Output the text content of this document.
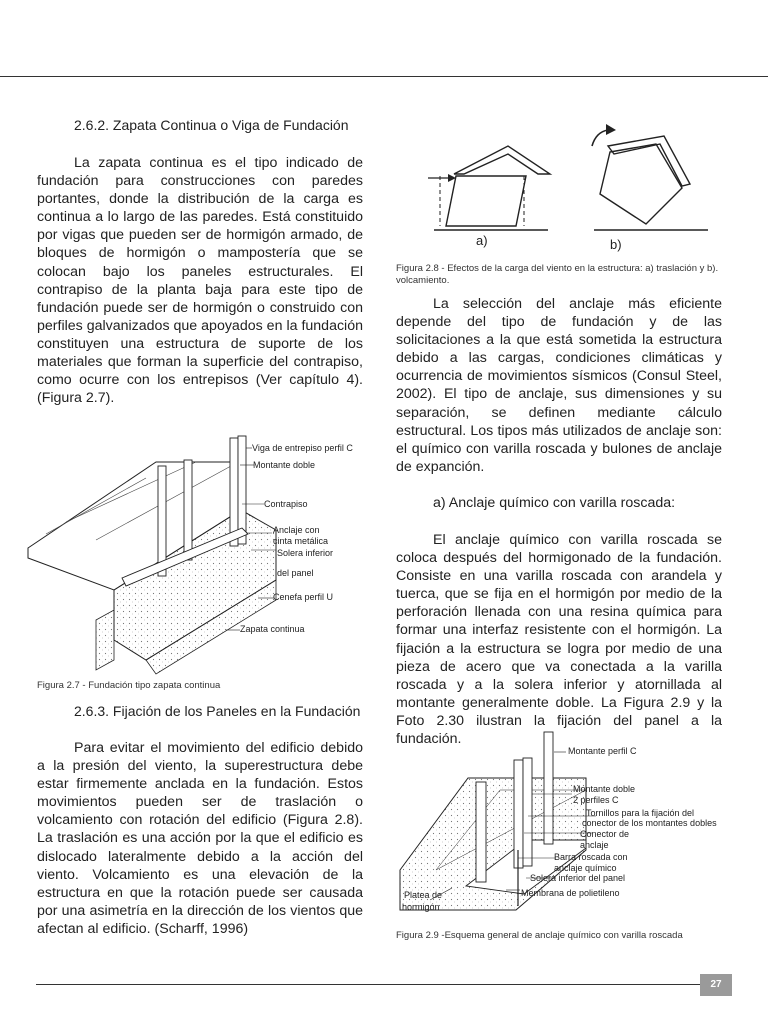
2.6.2. Zapata Continua o Viga de Fundación

La zapata continua es el tipo indicado de fundación para construcciones con paredes portantes, donde la distribución de la carga es continua a lo largo de las paredes. Está constituido por vigas que pueden ser de hormigón armado, de bloques de hormigón o mampostería que se colocan bajo los paneles estructurales. El contrapiso de la planta baja para este tipo de fundación puede ser de hormigón o construido con perfiles galvanizados que apoyados en la fundación constituyen una estructura de suporte de los materiales que forman la superficie del contrapiso, como ocurre con los entrepisos (Ver capítulo 4). (Figura 2.7).

Viga de entrepiso perfil C
Montante doble
Contrapiso
Anclaje con
cinta metálica
Solera inferior
del panel
Cenefa perfil U
Zapata continua

Figura 2.7 - Fundación tipo zapata continua

2.6.3. Fijación de los Paneles en la Fundación

Para evitar el movimiento del edificio debido a la presión del viento, la superestructura debe estar firmemente anclada en la fundación. Estos movimientos pueden ser de traslación o volcamiento con rotación del edificio (Figura 2.8). La traslación es una acción por la que el edificio es dislocado lateralmente debido a la acción del viento. Volcamiento es una elevación de la estructura en que la rotación puede ser causada por una asimetría en la dirección de los vientos que afectan al edificio. (Scharff, 1996)

a)	b)

Figura 2.8 - Efectos de la carga del viento en la estructura: a) traslación y b). volcamiento.

La selección del anclaje más eficiente depende del tipo de fundación y de las solicitaciones a la que está sometida la estructura debido a las cargas, condiciones climáticas y ocurrencia de movimientos sísmicos (Consul Steel, 2002). El tipo de anclaje, sus dimensiones y su separación, se definen mediante cálculo estructural. Los tipos más utilizados de anclaje son: el químico con varilla roscada y bulones de anclaje de expanción.

a) Anclaje químico con varilla roscada:

El anclaje químico con varilla roscada se coloca después del hormigonado de la fundación. Consiste en una varilla roscada con arandela y tuerca, que se fija en el hormigón por medio de la perforación llenada con una resina química para formar una interfaz resistente con el hormigón. La fijación a la estructura se logra por medio de una pieza de acero que va conectada a la varilla roscada y a la solera inferior y atornillada al montante generalmente doble. La Figura 2.9 y la Foto 2.30 ilustran la fijación del panel a la fundación.

Montante perfil C
Montante doble
2 perfiles C
Tornillos para la fijación del
conector de los montantes dobles
Conector de
anclaje
Barra roscada con
anclaje químico
Solera inferior del panel
Membrana de polietileno
Platea de
hormigón

Figura 2.9 -Esquema general de anclaje químico con varilla roscada

27
